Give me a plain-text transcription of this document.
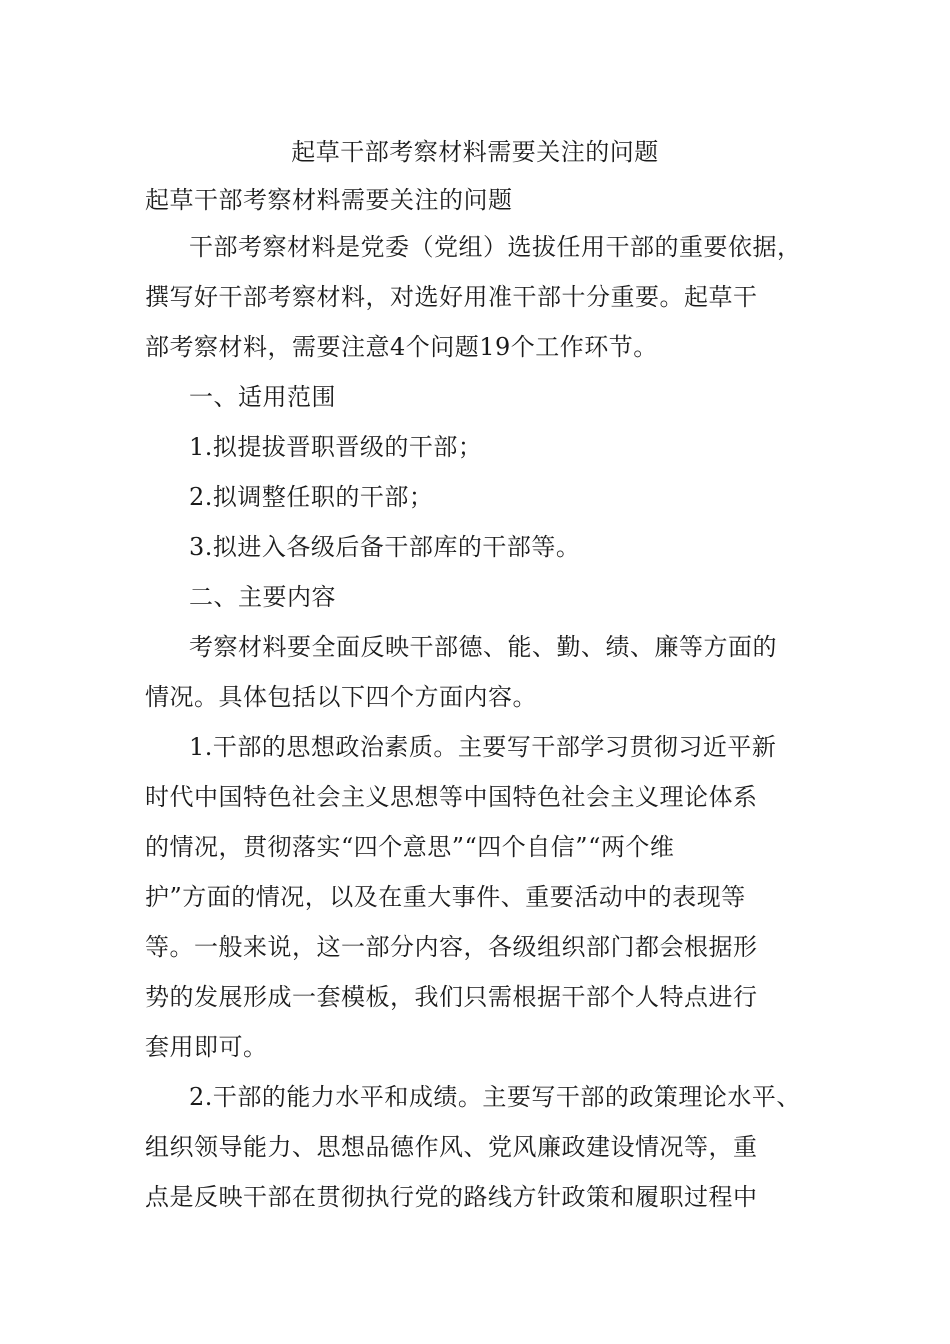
起草干部考察材料需要关注的问题
起草干部考察材料需要关注的问题
干部考察材料是党委（党组）选拔任用干部的重要依据，
撰写好干部考察材料，对选好用准干部十分重要。起草干
部考察材料，需要注意4个问题19个工作环节。
一、适用范围
1.拟提拔晋职晋级的干部；
2.拟调整任职的干部；
3.拟进入各级后备干部库的干部等。
二、主要内容
考察材料要全面反映干部德、能、勤、绩、廉等方面的
情况。具体包括以下四个方面内容。
1.干部的思想政治素质。主要写干部学习贯彻习近平新
时代中国特色社会主义思想等中国特色社会主义理论体系
的情况，贯彻落实“四个意思”“四个自信”“两个维
护”方面的情况，以及在重大事件、重要活动中的表现等
等。一般来说，这一部分内容，各级组织部门都会根据形
势的发展形成一套模板，我们只需根据干部个人特点进行
套用即可。
2.干部的能力水平和成绩。主要写干部的政策理论水平、
组织领导能力、思想品德作风、党风廉政建设情况等，重
点是反映干部在贯彻执行党的路线方针政策和履职过程中
